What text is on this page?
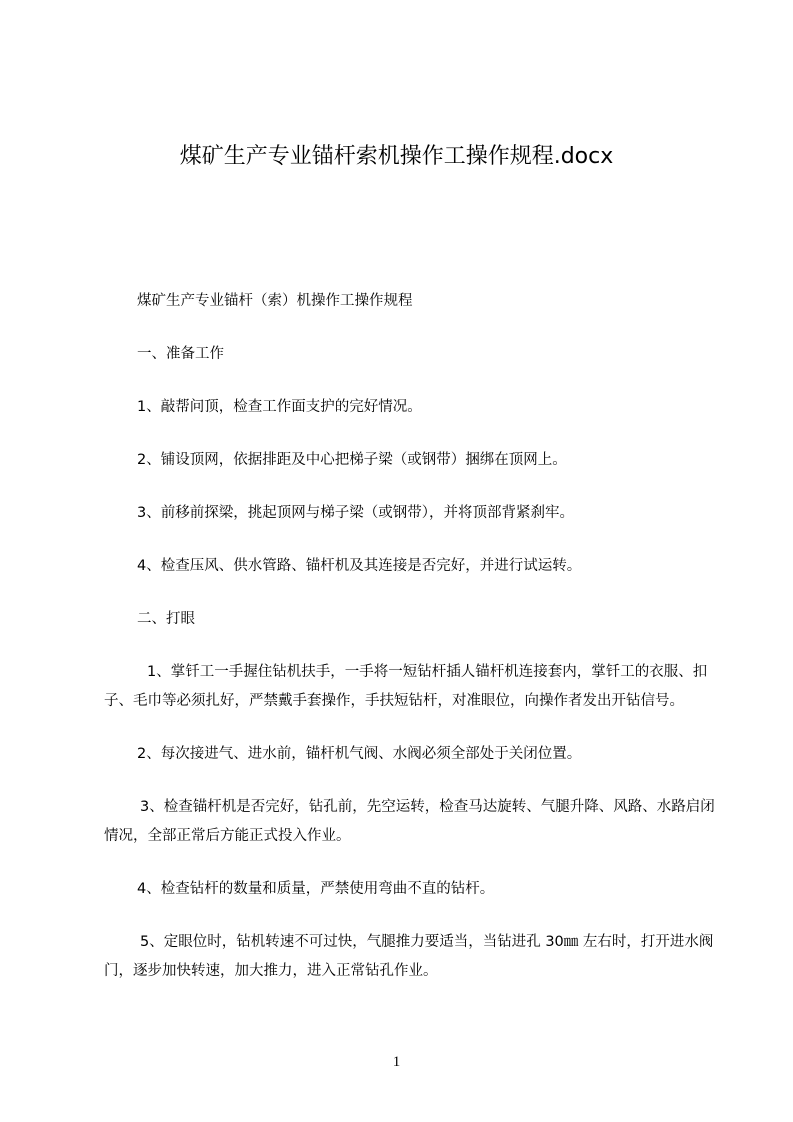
煤矿生产专业锚杆索机操作工操作规程.docx

煤矿生产专业锚杆（索）机操作工操作规程

一、准备工作

1、敲帮问顶，检查工作面支护的完好情况。

2、铺设顶网，依据排距及中心把梯子梁（或钢带）捆绑在顶网上。

3、前移前探梁，挑起顶网与梯子梁（或钢带），并将顶部背紧刹牢。

4、检查压风、供水管路、锚杆机及其连接是否完好，并进行试运转。

二、打眼

1、掌钎工一手握住钻机扶手，一手将一短钻杆插人锚杆机连接套内，掌钎工的衣服、扣子、毛巾等必须扎好，严禁戴手套操作，手扶短钻杆，对准眼位，向操作者发出开钻信号。

2、每次接进气、进水前，锚杆机气阀、水阀必须全部处于关闭位置。

3、检查锚杆机是否完好，钻孔前，先空运转，检查马达旋转、气腿升降、风路、水路启闭情况，全部正常后方能正式投入作业。

4、检查钻杆的数量和质量，严禁使用弯曲不直的钻杆。

5、定眼位时，钻机转速不可过快，气腿推力要适当，当钻进孔 30㎜ 左右时，打开进水阀门，逐步加快转速，加大推力，进入正常钻孔作业。

1
